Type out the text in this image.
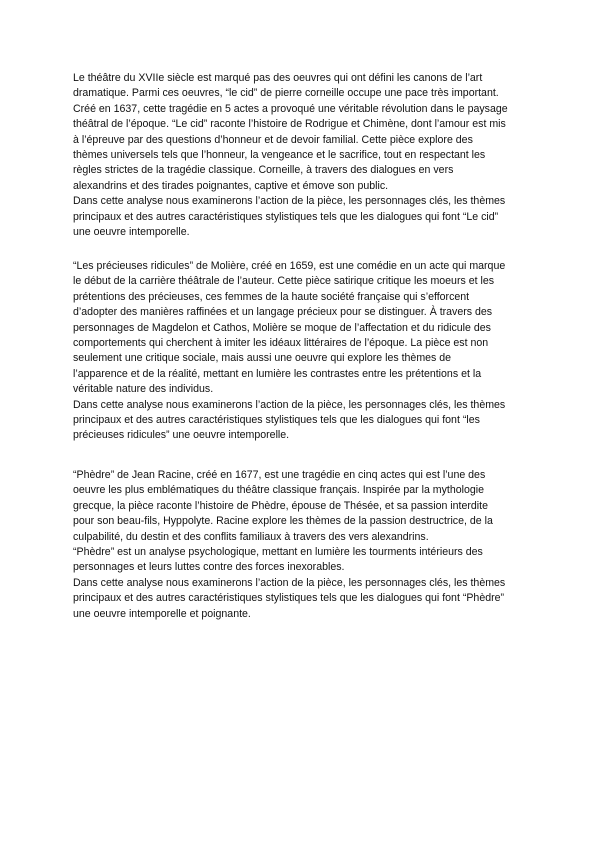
Le théâtre du XVIIe siècle est marqué pas des oeuvres qui ont défini les canons de l’art
dramatique. Parmi ces oeuvres, “le cid” de pierre corneille occupe une pace très important.
Créé en 1637, cette tragédie en 5 actes a provoqué une véritable révolution dans le paysage
théâtral de l’époque. “Le cid” raconte l’histoire de Rodrigue et Chimène, dont l’amour est mis
à l’épreuve par des questions d’honneur et de devoir familial. Cette pièce explore des
thèmes universels tels que l’honneur, la vengeance et le sacrifice, tout en respectant les
règles strictes de la tragédie classique. Corneille, à travers des dialogues en vers
alexandrins et des tirades poignantes, captive et émove son public.

Dans cette analyse nous examinerons l’action de la pièce, les personnages clés, les thèmes
principaux et des autres caractéristiques stylistiques tels que les dialogues qui font “Le cid”
une oeuvre intemporelle.

“Les précieuses ridicules” de Molière, créé en 1659, est une comédie en un acte qui marque
le début de la carrière théâtrale de l’auteur. Cette pièce satirique critique les moeurs et les
prétentions des précieuses, ces femmes de la haute société française qui s’efforcent
d’adopter des manières raffinées et un langage précieux pour se distinguer. À travers des
personnages de Magdelon et Cathos, Molière se moque de l’affectation et du ridicule des
comportements qui cherchent à imiter les idéaux littéraires de l’époque. La pièce est non
seulement une critique sociale, mais aussi une oeuvre qui explore les thèmes de
l’apparence et de la réalité, mettant en lumière les contrastes entre les prétentions et la
véritable nature des individus.

Dans cette analyse nous examinerons l’action de la pièce, les personnages clés, les thèmes
principaux et des autres caractéristiques stylistiques tels que les dialogues qui font “les
précieuses ridicules” une oeuvre intemporelle.

“Phèdre” de Jean Racine, créé en 1677, est une tragédie en cinq actes qui est l’une des
oeuvre les plus emblématiques du théâtre classique français. Inspirée par la mythologie
grecque, la pièce raconte l’histoire de Phèdre, épouse de Thésée, et sa passion interdite
pour son beau-fils, Hyppolyte. Racine explore les thèmes de la passion destructrice, de la
culpabilité, du destin et des conflits familiaux à travers des vers alexandrins.

“Phèdre” est un analyse psychologique, mettant en lumière les tourments intérieurs des
personnages et leurs luttes contre des forces inexorables.

Dans cette analyse nous examinerons l’action de la pièce, les personnages clés, les thèmes
principaux et des autres caractéristiques stylistiques tels que les dialogues qui font “Phèdre”
une oeuvre intemporelle et poignante.
